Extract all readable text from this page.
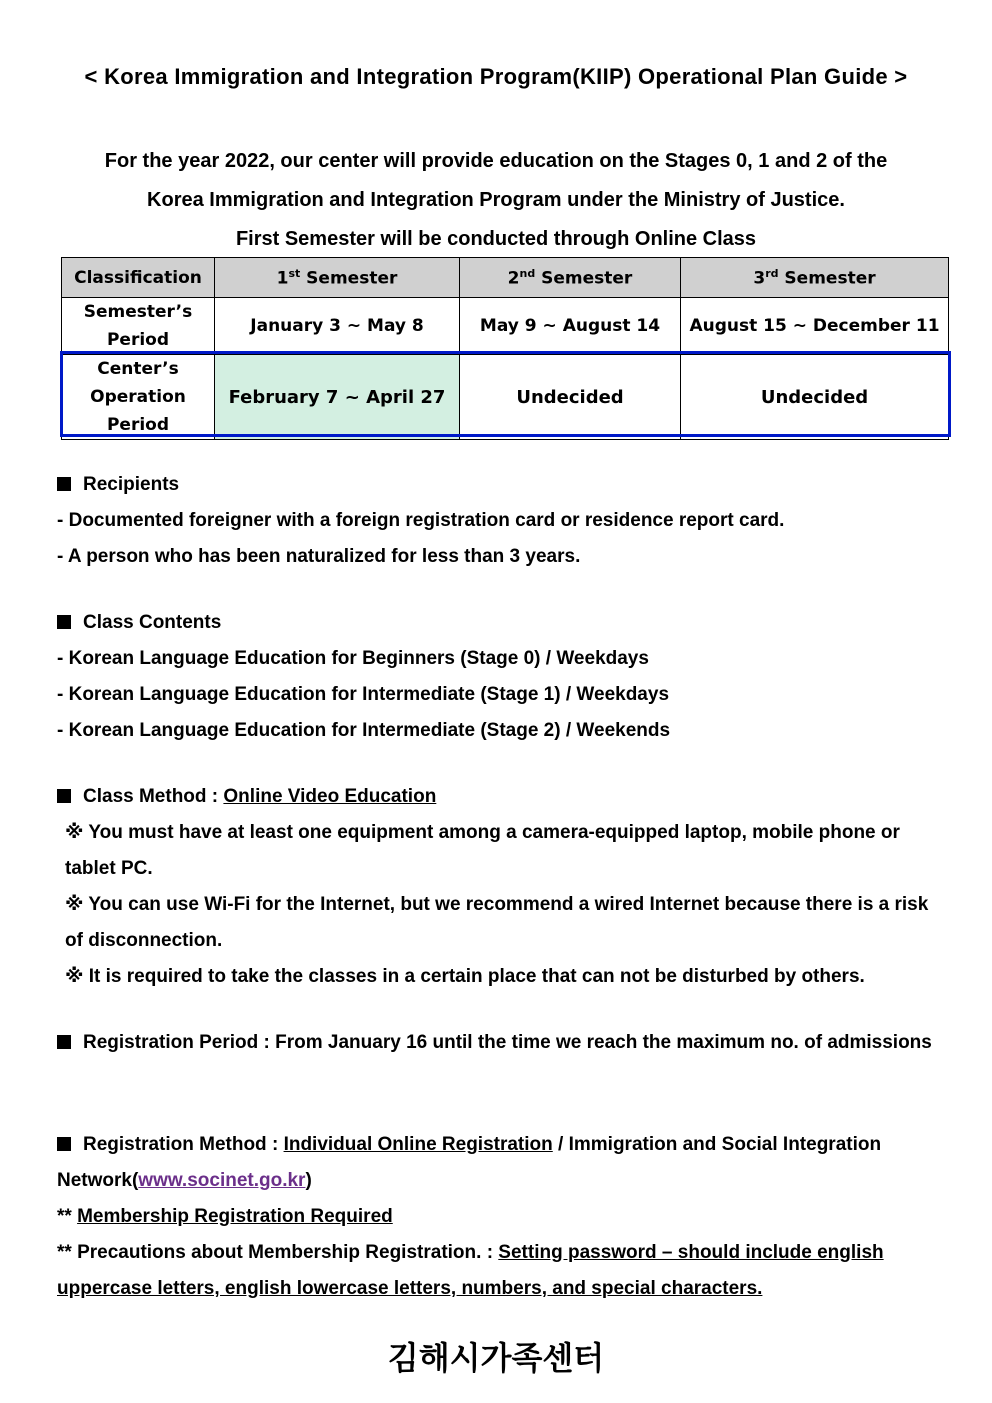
< Korea Immigration and Integration Program(KIIP) Operational Plan Guide >
For the year 2022, our center will provide education on the Stages 0, 1 and 2 of the
Korea Immigration and Integration Program under the Ministry of Justice.
First Semester will be conducted through Online Class
Classification	1st Semester	2nd Semester	3rd Semester

Semester’s
Period	January 3 ~ May 8	May 9 ~ August 14	August 15 ~ December 11

Center’s
Operation
Period	February 7 ~ April 27	Undecided	Undecided
Recipients
- Documented foreigner with a foreign registration card or residence report card.
- A person who has been naturalized for less than 3 years.
Class Contents
- Korean Language Education for Beginners (Stage 0) / Weekdays
- Korean Language Education for Intermediate (Stage 1) / Weekdays
- Korean Language Education for Intermediate (Stage 2) / Weekends
Class Method : Online Video Education
※ You must have at least one equipment among a camera-equipped laptop, mobile phone or tablet PC.
※ You can use Wi-Fi for the Internet, but we recommend a wired Internet because there is a risk of disconnection.
※ It is required to take the classes in a certain place that can not be disturbed by others.
Registration Period : From January 16 until the time we reach the maximum no. of admissions
Registration Method : Individual Online Registration / Immigration and Social Integration Network(www.socinet.go.kr)
** Membership Registration Required
** Precautions about Membership Registration. : Setting password – should include english uppercase letters, english lowercase letters, numbers, and special characters.
김해시가족센터
